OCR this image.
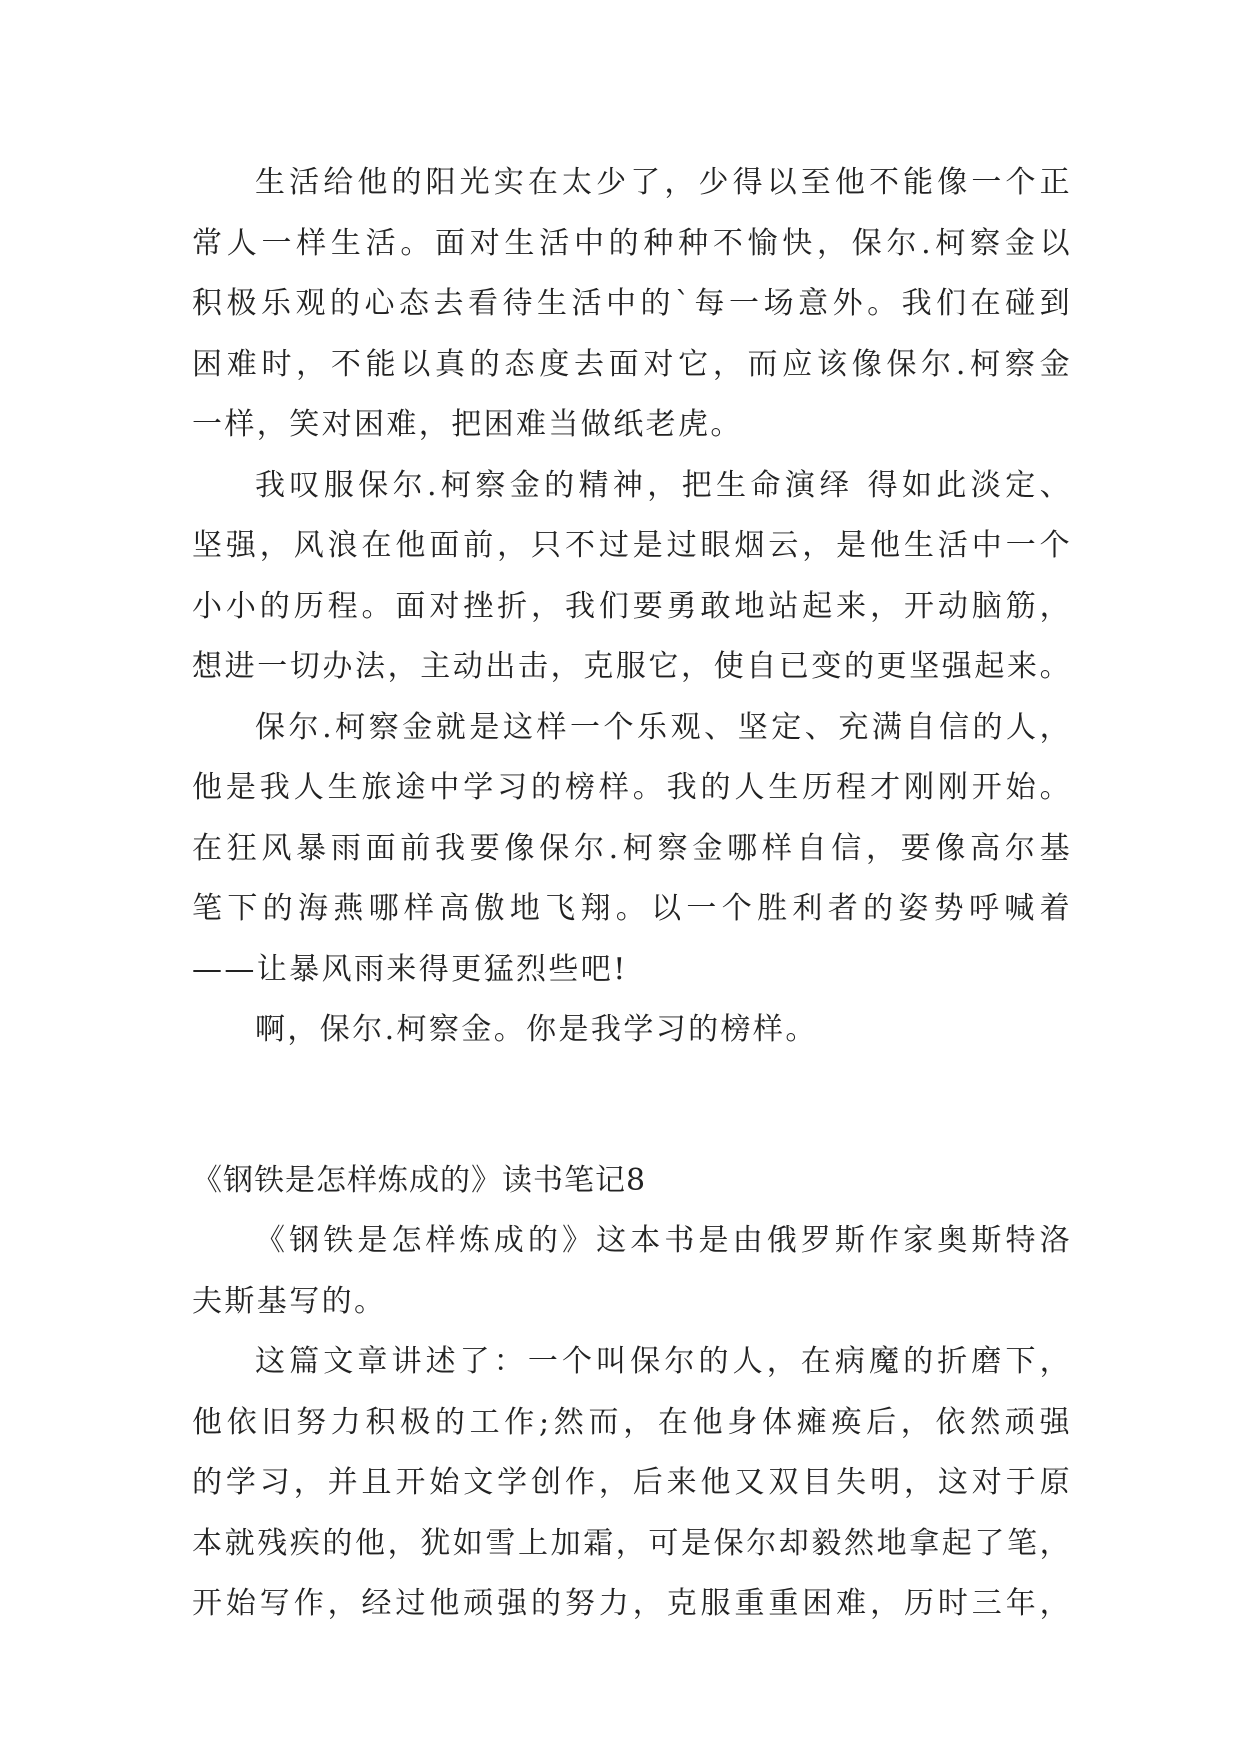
生活给他的阳光实在太少了，少得以至他不能像一个正
常人一样生活。面对生活中的种种不愉快，保尔.柯察金以
积极乐观的心态去看待生活中的`每一场意外。我们在碰到
困难时，不能以真的态度去面对它，而应该像保尔.柯察金
一样，笑对困难，把困难当做纸老虎。
我叹服保尔.柯察金的精神，把生命演绎 得如此淡定、
坚强，风浪在他面前，只不过是过眼烟云，是他生活中一个
小小的历程。面对挫折，我们要勇敢地站起来，开动脑筋，
想进一切办法，主动出击，克服它，使自已变的更坚强起来。
保尔.柯察金就是这样一个乐观、坚定、充满自信的人，
他是我人生旅途中学习的榜样。我的人生历程才刚刚开始。
在狂风暴雨面前我要像保尔.柯察金哪样自信，要像高尔基
笔下的海燕哪样高傲地飞翔。以一个胜利者的姿势呼喊着
——让暴风雨来得更猛烈些吧!
啊，保尔.柯察金。你是我学习的榜样。
《钢铁是怎样炼成的》读书笔记8
《钢铁是怎样炼成的》这本书是由俄罗斯作家奥斯特洛
夫斯基写的。
这篇文章讲述了：一个叫保尔的人，在病魔的折磨下，
他依旧努力积极的工作;然而，在他身体瘫痪后，依然顽强
的学习，并且开始文学创作，后来他又双目失明，这对于原
本就残疾的他，犹如雪上加霜，可是保尔却毅然地拿起了笔，
开始写作，经过他顽强的努力，克服重重困难，历时三年，
